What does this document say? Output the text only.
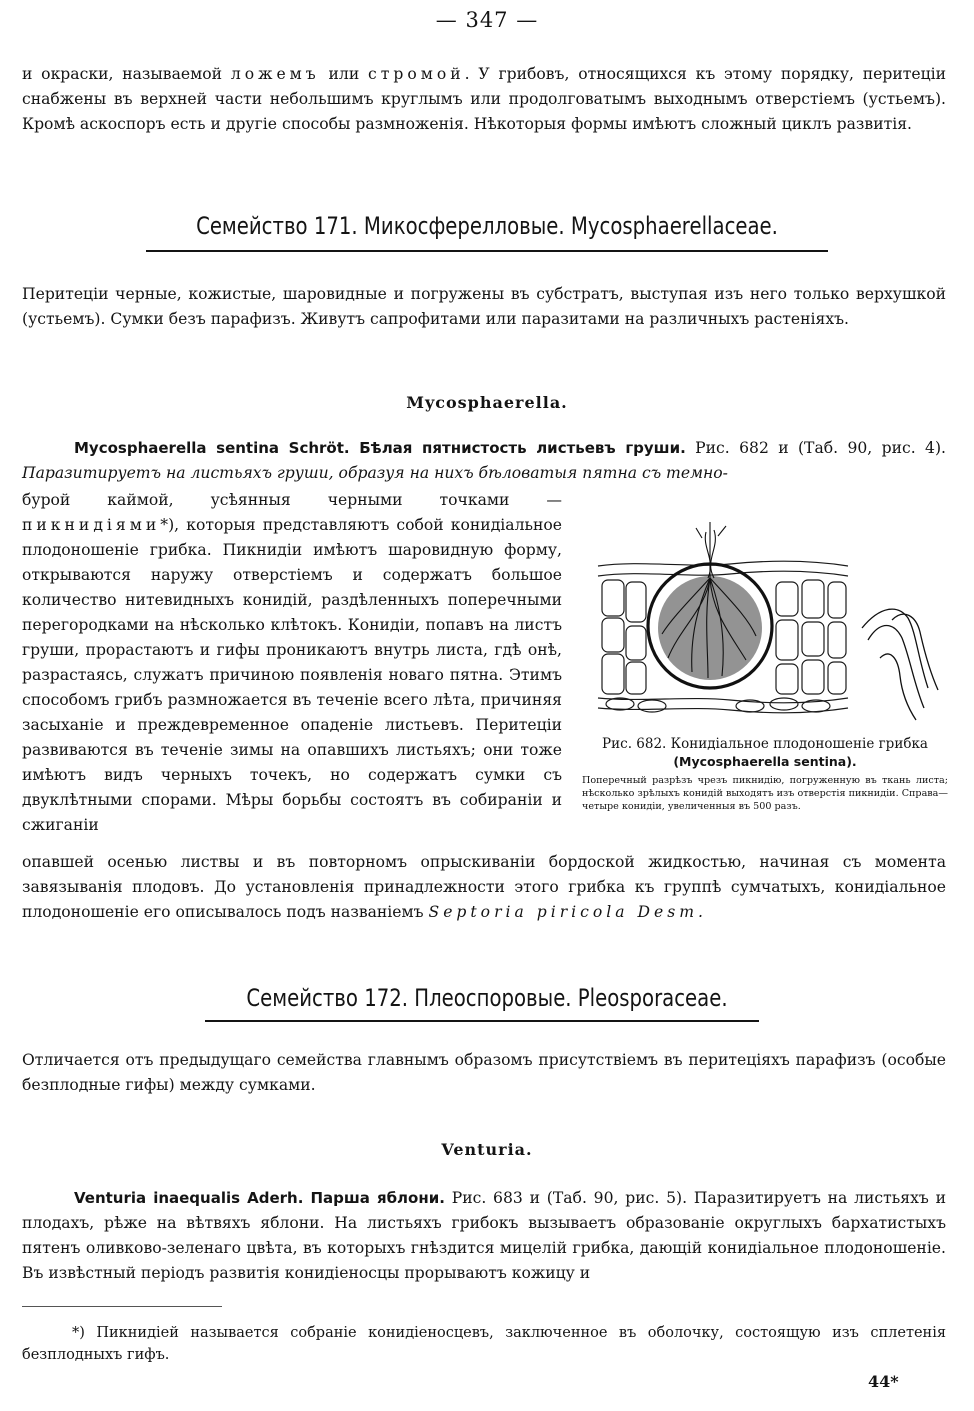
— 347 —

и окраски, называемой ложемъ или стромой. У грибовъ, относящихся къ этому порядку, перитецiи снабжены въ верхней части небольшимъ круглымъ или продолговатымъ выходнымъ отверстiемъ (устьемъ). Кромѣ аскоспоръ есть и другiе способы размноженiя. Нѣкоторыя формы имѣютъ сложный циклъ развитiя.

Семейство 171. Микосферелловые. Mycosphaerellaceae.

Перитецiи черные, кожистые, шаровидные и погружены въ субстратъ, выступая изъ него только верхушкой (устьемъ). Сумки безъ парафизъ. Живутъ сапрофитами или паразитами на различныхъ растенiяхъ.

Mycosphaerella.

Mycosphaerella sentina Schröt. Бѣлая пятнистость листьевъ груши. Рис. 682 и (Таб. 90, рис. 4). Паразитируетъ на листьяхъ груши, образуя на нихъ бѣловатыя пятна съ темно-

бурой каймой, усѣянныя черными точками — пикнидiями*), которыя представляютъ собой конидiальное плодоношенiе грибка. Пикнидiи имѣютъ шаровидную форму, открываются наружу отверстiемъ и содержатъ большое количество нитевидныхъ конидiй, раздѣленныхъ поперечными перегородками на нѣсколько клѣтокъ. Конидiи, попавъ на листъ груши, прорастаютъ и гифы проникаютъ внутрь листа, гдѣ онѣ, разрастаясь, служатъ причиною появленiя новаго пятна. Этимъ способомъ грибъ размножается въ теченiе всего лѣта, причиняя засыханiе и преждевременное опаденiе листьевъ. Перитецiи развиваются въ теченiе зимы на опавшихъ листьяхъ; они тоже имѣютъ видъ черныхъ точекъ, но содержатъ сумки съ двуклѣтными спорами. Мѣры борьбы состоятъ въ собиранiи и сжиганiи

Рис. 682. Конидiальное плодоношенiе грибка
(Mycosphaerella sentina).
Поперечный разрѣзъ чрезъ пикнидiю, погруженную въ ткань листа; нѣсколько зрѣлыхъ конидiй выходятъ изъ отверстiя пикнидiи. Справа—четыре конидiи, увеличенныя въ 500 разъ.

опавшей осенью листвы и въ повторномъ опрыскиванiи бордоской жидкостью, начиная съ момента завязыванiя плодовъ. До установленiя принадлежности этого грибка къ группѣ сумчатыхъ, конидiальное плодоношенiе его описывалось подъ названiемъ Septoria piricola Desm.

Семейство 172. Плеоспоровые. Pleosporaceae.

Отличается отъ предыдущаго семейства главнымъ образомъ присутствiемъ въ перитецiяхъ парафизъ (особые безплодные гифы) между сумками.

Venturia.

Venturia inaequalis Aderh. Парша яблони. Рис. 683 и (Таб. 90, рис. 5). Паразитируетъ на листьяхъ и плодахъ, рѣже на вѣтвяхъ яблони. На листьяхъ грибокъ вызываетъ образованiе округлыхъ бархатистыхъ пятенъ оливково-зеленаго цвѣта, въ которыхъ гнѣздится мицелiй грибка, дающiй конидiальное плодоношенiе. Въ извѣстный перiодъ развитiя конидiеносцы прорываютъ кожицу и

*) Пикнидiей называется собранiе конидiеносцевъ, заключенное въ оболочку, состоящую изъ сплетенiя безплодныхъ гифъ.

44*
